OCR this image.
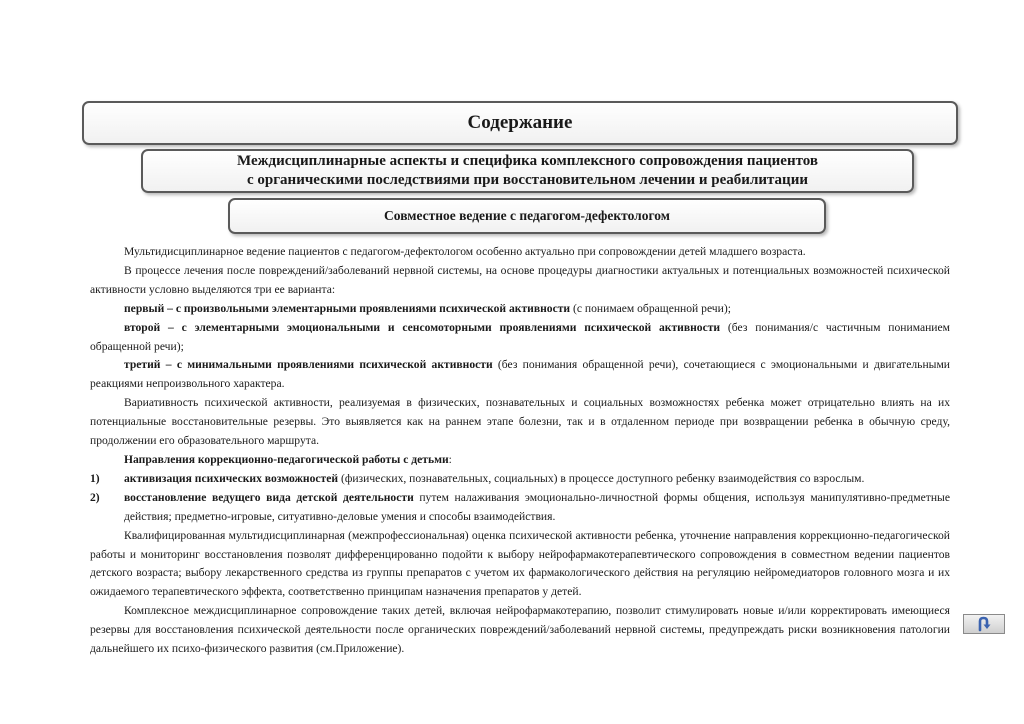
Содержание
Междисциплинарные аспекты и специфика комплексного сопровождения пациентов
с органическими последствиями при восстановительном лечении и реабилитации
Совместное ведение с педагогом-дефектологом

Мультидисциплинарное ведение пациентов с педагогом-дефектологом особенно актуально при сопровождении детей младшего возраста.

В процессе лечения после повреждений/заболеваний нервной системы, на основе процедуры диагностики актуальных и потенциальных возможностей психической активности условно выделяются три ее варианта:

первый – с произвольными элементарными проявлениями психической активности (с понимаем обращенной речи);

второй – с элементарными эмоциональными и сенсомоторными проявлениями психической активности (без понимания/с частичным пониманием обращенной речи);

третий – с минимальными проявлениями психической активности (без понимания обращенной речи), сочетающиеся с эмоциональными и двигательными реакциями непроизвольного характера.

Вариативность психической активности, реализуемая в физических, познавательных и социальных возможностях ребенка может отрицательно влиять на их потенциальные восстановительные резервы. Это выявляется как на раннем этапе болезни, так и в отдаленном периоде при возвращении ребенка в обычную среду, продолжении его образовательного маршрута.

Направления коррекционно-педагогической работы с детьми:

1)	активизация психических возможностей (физических, познавательных, социальных) в процессе доступного ребенку взаимодействия со взрослым.
2)	восстановление ведущего вида детской деятельности путем налаживания эмоционально-личностной формы общения, используя манипулятивно-предметные действия; предметно-игровые, ситуативно-деловые умения и способы взаимодействия.

Квалифицированная мультидисциплинарная (межпрофессиональная) оценка психической активности ребенка, уточнение направления коррекционно-педагогической работы и мониторинг восстановления позволят дифференцированно подойти к выбору нейрофармакотерапевтического сопровождения в совместном ведении пациентов детского возраста; выбору лекарственного средства из группы препаратов с учетом их фармакологического действия на регуляцию нейромедиаторов головного мозга и их ожидаемого терапевтического эффекта, соответственно принципам назначения препаратов у детей.

Комплексное междисциплинарное сопровождение таких детей, включая нейрофармакотерапию, позволит стимулировать новые и/или корректировать имеющиеся резервы для восстановления психической деятельности после органических повреждений/заболеваний нервной системы, предупреждать риски возникновения патологии дальнейшего их психо-физического развития (см.Приложение).
